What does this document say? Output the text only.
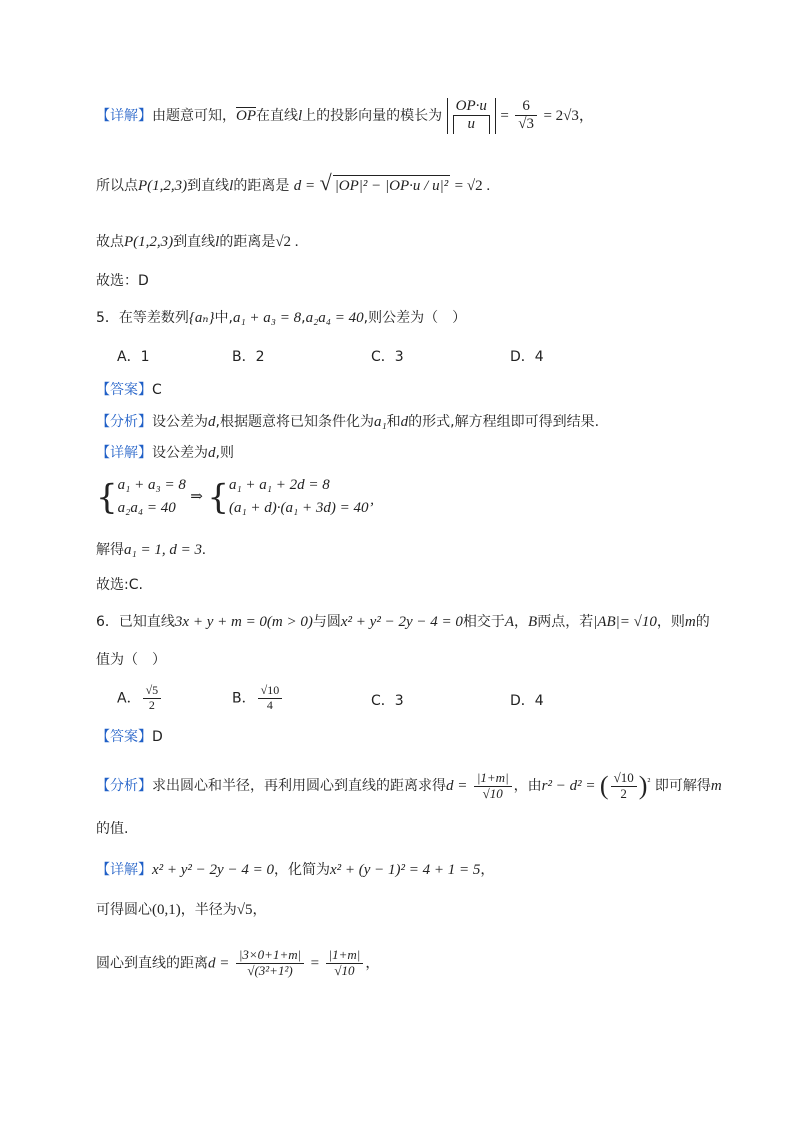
【详解】由题意可知，$\overline{OP}$在直线l上的投影向量的模长为 $\frac{OP\cdot u}{u} = \frac{6}{√3} = 2√3$，
所以点P(1,2,3)到直线l的距离是 d = √ |OP|² − |OP·u / u|² = √2 .
故点P(1,2,3)到直线l的距离是√2 .
故选：D
5．在等差数列{aₙ}中,a₁ + a₃ = 8,a₂a₄ = 40,则公差为（　）
A．1	B．2	C．3	D．4
【答案】C
【分析】设公差为d,根据题意将已知条件化为a₁和d的形式,解方程组即可得到结果.
【详解】设公差为d,则
{ a₁ + a₃ = 8
a₂a₄ = 40
⇒ { a₁ + a₁ + 2d = 8
(a₁ + d)·(a₁ + 3d) = 40’
解得a₁ = 1, d = 3.
故选:C.
6．已知直线3x + y + m = 0(m > 0)与圆x² + y² − 2y − 4 = 0相交于A，B两点，若|AB|= √10，则m的
值为（　）
A． $\frac{√5}{2}$	B． $\frac{√10}{4}$	C．3	D．4
【答案】D
【分析】求出圆心和半径，再利用圆心到直线的距离求得$d = \frac{|1+m|}{√10}$ ，由r² − d² = ( $\frac{√10}{2} )^{^2}$ 即可解得m
的值.
【详解】x² + y² − 2y − 4 = 0，化简为x² + (y − 1)² = 4 + 1 = 5，
可得圆心(0,1)，半径为√5，
圆心到直线的距离$d = \frac{|3\times 0+1+m|}{\text{√(3²+1²)}} = \frac{|1+m|}{√10}$ ，
